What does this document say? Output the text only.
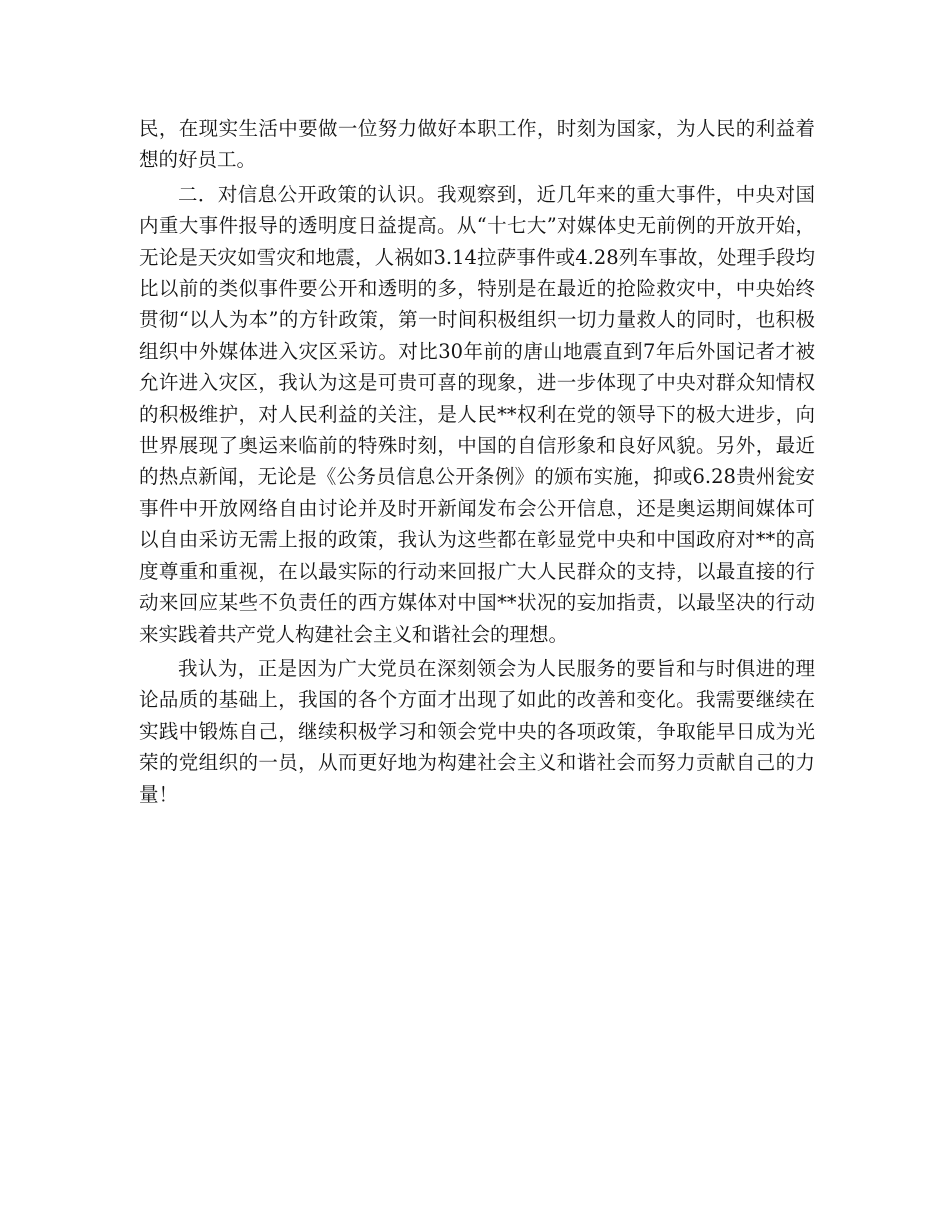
民，在现实生活中要做一位努力做好本职工作，时刻为国家，为人民的利益着想的好员工。

二．对信息公开政策的认识。我观察到，近几年来的重大事件，中央对国内重大事件报导的透明度日益提高。从“十七大”对媒体史无前例的开放开始，无论是天灾如雪灾和地震，人祸如3.14拉萨事件或4.28列车事故，处理手段均比以前的类似事件要公开和透明的多，特别是在最近的抢险救灾中，中央始终贯彻“以人为本”的方针政策，第一时间积极组织一切力量救人的同时，也积极组织中外媒体进入灾区采访。对比30年前的唐山地震直到7年后外国记者才被允许进入灾区，我认为这是可贵可喜的现象，进一步体现了中央对群众知情权的积极维护，对人民利益的关注，是人民**权利在党的领导下的极大进步，向世界展现了奥运来临前的特殊时刻，中国的自信形象和良好风貌。另外，最近的热点新闻，无论是《公务员信息公开条例》的颁布实施，抑或6.28贵州瓮安事件中开放网络自由讨论并及时开新闻发布会公开信息，还是奥运期间媒体可以自由采访无需上报的政策，我认为这些都在彰显党中央和中国政府对**的高度尊重和重视，在以最实际的行动来回报广大人民群众的支持，以最直接的行动来回应某些不负责任的西方媒体对中国**状况的妄加指责，以最坚决的行动来实践着共产党人构建社会主义和谐社会的理想。

我认为，正是因为广大党员在深刻领会为人民服务的要旨和与时俱进的理论品质的基础上，我国的各个方面才出现了如此的改善和变化。我需要继续在实践中锻炼自己，继续积极学习和领会党中央的各项政策，争取能早日成为光荣的党组织的一员，从而更好地为构建社会主义和谐社会而努力贡献自己的力量！
